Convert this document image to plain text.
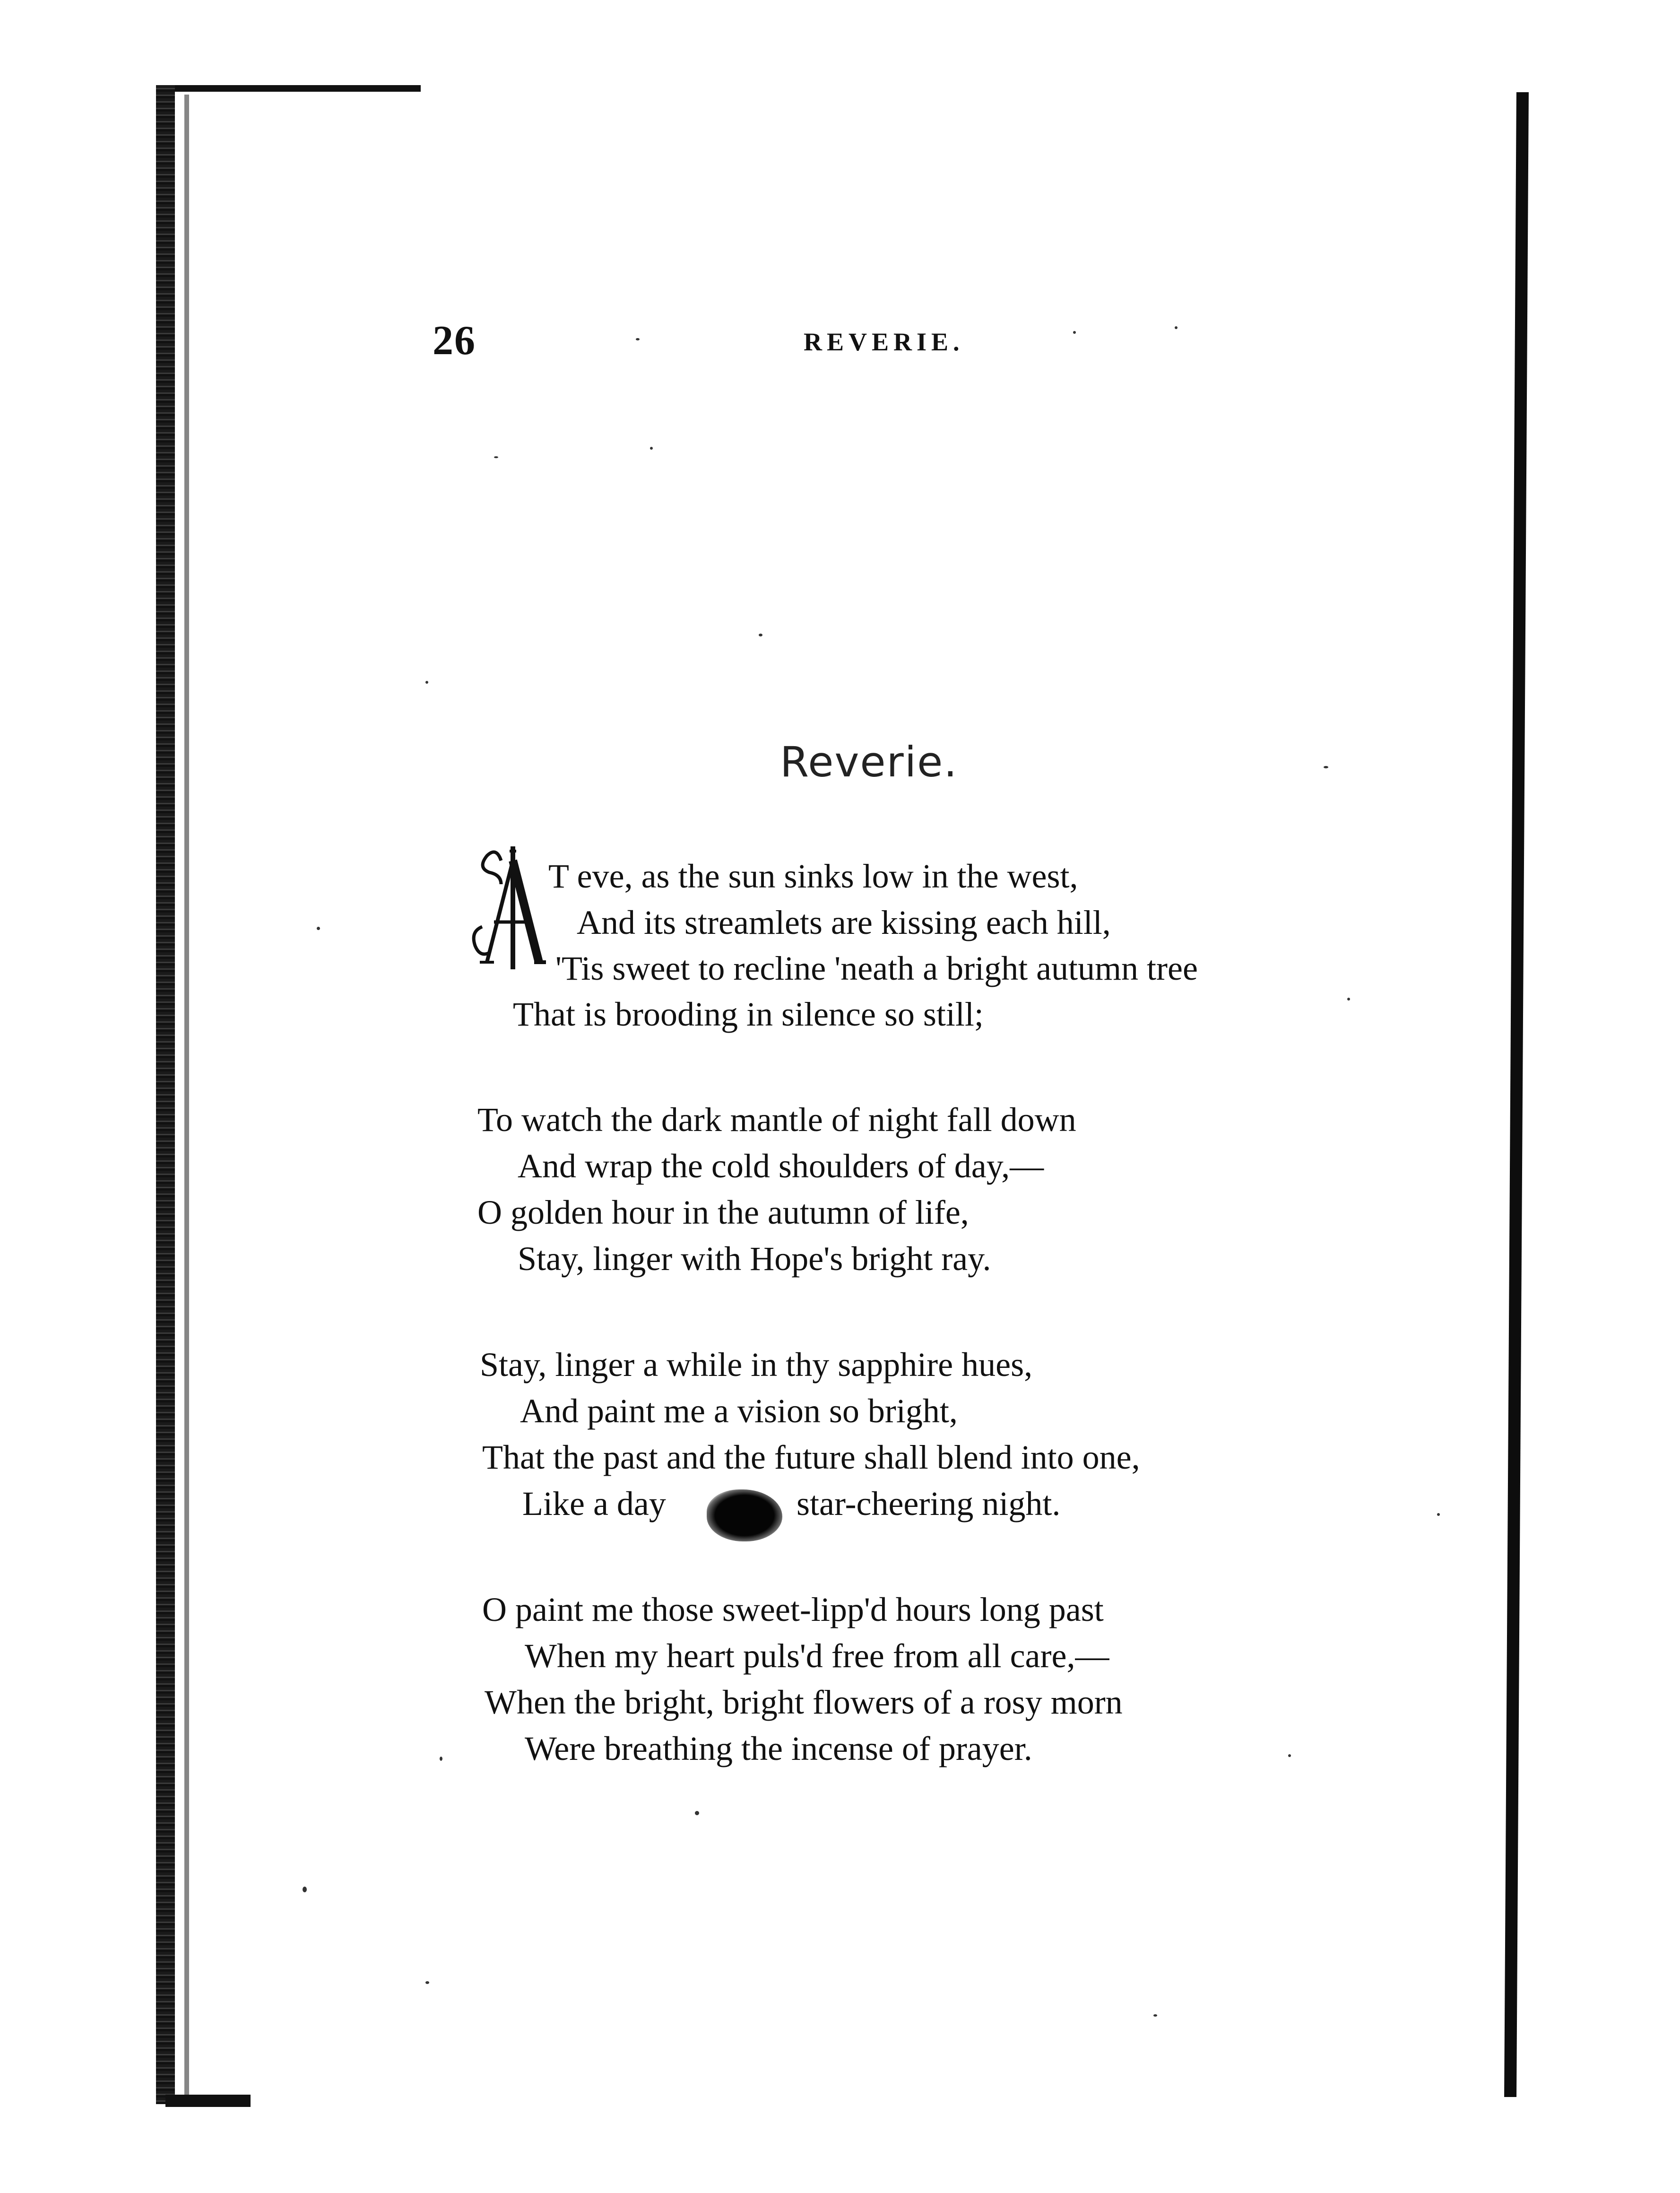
26	REVERIE.
Reverie.
T eve, as the sun sinks low in the west,
And its streamlets are kissing each hill,
'Tis sweet to recline 'neath a bright autumn tree
That is brooding in silence so still;
To watch the dark mantle of night fall down
And wrap the cold shoulders of day,—
O golden hour in the autumn of life,
Stay, linger with Hope's bright ray.
Stay, linger a while in thy sapphire hues,
And paint me a vision so bright,
That the past and the future shall blend into one,
Like a day	star-cheering night.
O paint me those sweet-lipp'd hours long past
When my heart puls'd free from all care,—
When the bright, bright flowers of a rosy morn
Were breathing the incense of prayer.
